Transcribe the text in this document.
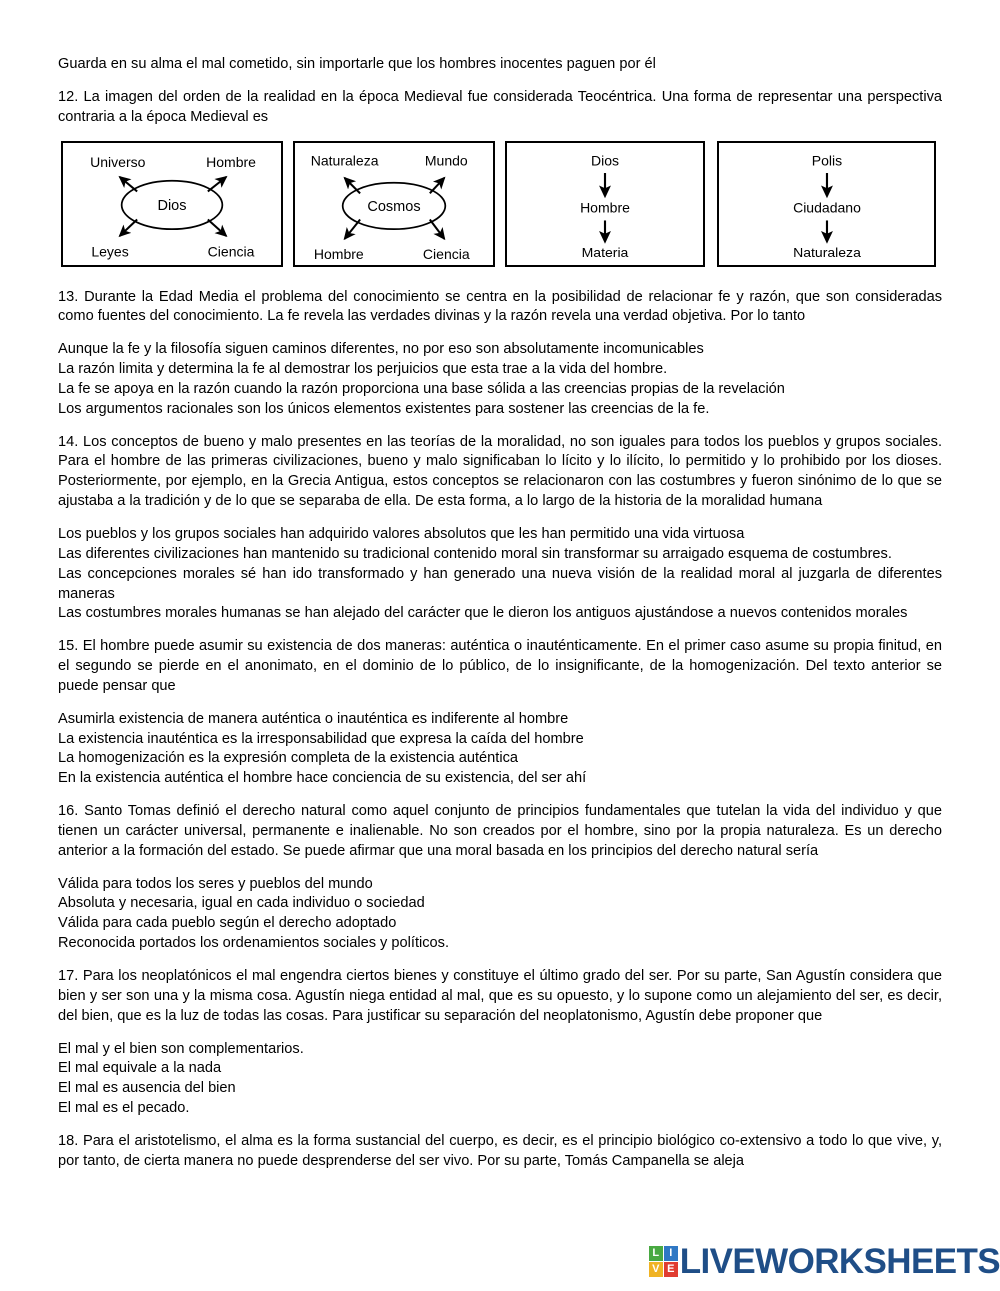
Guarda en su alma el mal cometido, sin importarle que los hombres inocentes paguen por él

12. La imagen del orden de la realidad en la época Medieval fue considerada Teocéntrica. Una forma de representar una perspectiva contraria a la época Medieval es

Dios
Universo	Hombre
Leyes	Ciencia
Cosmos
Naturaleza	Mundo
Hombre	Ciencia
Dios
Hombre
Materia
Polis
Ciudadano
Naturaleza

13. Durante la Edad Media el problema del conocimiento se centra en la posibilidad de relacionar fe y razón, que son consideradas como fuentes del conocimiento. La fe revela las verdades divinas y la razón revela una verdad objetiva. Por lo tanto

Aunque la fe y la filosofía siguen caminos diferentes, no por eso son absolutamente incomunicables

La razón limita y determina la fe al demostrar los perjuicios que esta trae a la vida del hombre.

La fe se apoya en la razón cuando la razón proporciona una base sólida a las creencias propias de la revelación

Los argumentos racionales son los únicos elementos existentes para sostener las creencias de la fe.

14. Los conceptos de bueno y malo presentes en las teorías de la moralidad, no son iguales para todos los pueblos y grupos sociales. Para el hombre de las primeras civilizaciones, bueno y malo significaban lo lícito y lo ilícito, lo permitido y lo prohibido por los dioses. Posteriormente, por ejemplo, en la Grecia Antigua, estos conceptos se relacionaron con las costumbres y fueron sinónimo de lo que se ajustaba a la tradición y de lo que se separaba de ella. De esta forma, a lo largo de la historia de la moralidad humana

Los pueblos y los grupos sociales han adquirido valores absolutos que les han permitido una vida virtuosa

Las diferentes civilizaciones han mantenido su tradicional contenido moral sin transformar su arraigado esquema de costumbres.

Las concepciones morales sé han ido transformado y han generado una nueva visión de la realidad moral al juzgarla de diferentes maneras

Las costumbres morales humanas se han alejado del carácter que le dieron los antiguos ajustándose a nuevos contenidos morales

15. El hombre puede asumir su existencia de dos maneras: auténtica o inauténticamente. En el primer caso asume su propia finitud, en el segundo se pierde en el anonimato, en el dominio de lo público, de lo insignificante, de la homogenización. Del texto anterior se puede pensar que

Asumirla existencia de manera auténtica o inauténtica es indiferente al hombre

La existencia inauténtica es la irresponsabilidad que expresa la caída del hombre

La homogenización es la expresión completa de la existencia auténtica

En la existencia auténtica el hombre hace conciencia de su existencia, del ser ahí

16. Santo Tomas definió el derecho natural como aquel conjunto de principios fundamentales que tutelan la vida del individuo y que tienen un carácter universal, permanente e inalienable. No son creados por el hombre, sino por la propia naturaleza. Es un derecho anterior a la formación del estado. Se puede afirmar que una moral basada en los principios del derecho natural sería

Válida para todos los seres y pueblos del mundo

Absoluta y necesaria, igual en cada individuo o sociedad

Válida para cada pueblo según el derecho adoptado

Reconocida portados los ordenamientos sociales y políticos.

17. Para los neoplatónicos el mal engendra ciertos bienes y constituye el último grado del ser. Por su parte, San Agustín considera que bien y ser son una y la misma cosa. Agustín niega entidad al mal, que es su opuesto, y lo supone como un alejamiento del ser, es decir, del bien, que es la luz de todas las cosas. Para justificar su separación del neoplatonismo, Agustín debe proponer que

El mal y el bien son complementarios.

El mal equivale a la nada

El mal es ausencia del bien

El mal es el pecado.

18. Para el aristotelismo, el alma es la forma sustancial del cuerpo, es decir, es el principio biológico co-extensivo a todo lo que vive, y, por tanto, de cierta manera no puede desprenderse del ser vivo. Por su parte, Tomás Campanella se aleja

L I
V E LIVEWORKSHEETS
